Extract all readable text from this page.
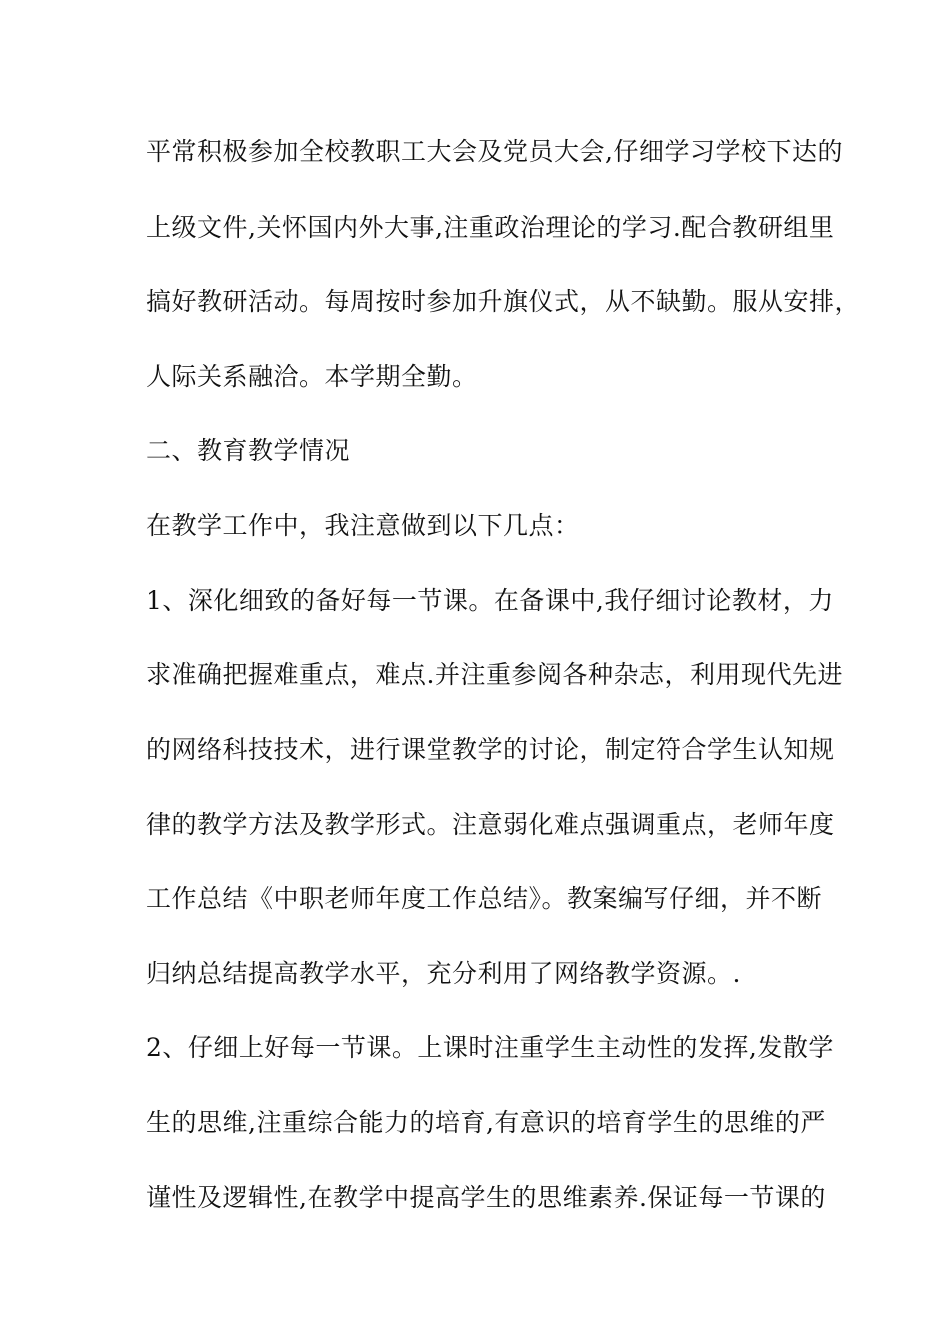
平常积极参加全校教职工大会及党员大会,仔细学习学校下达的
上级文件,关怀国内外大事,注重政治理论的学习.配合教研组里
搞好教研活动。每周按时参加升旗仪式，从不缺勤。服从安排，
人际关系融洽。本学期全勤。
二、教育教学情况
在教学工作中，我注意做到以下几点：
1、深化细致的备好每一节课。在备课中,我仔细讨论教材，力
求准确把握难重点，难点.并注重参阅各种杂志，利用现代先进
的网络科技技术，进行课堂教学的讨论，制定符合学生认知规
律的教学方法及教学形式。注意弱化难点强调重点，老师年度
工作总结《中职老师年度工作总结》。教案编写仔细，并不断
归纳总结提高教学水平，充分利用了网络教学资源。.
2、仔细上好每一节课。上课时注重学生主动性的发挥,发散学
生的思维,注重综合能力的培育,有意识的培育学生的思维的严
谨性及逻辑性,在教学中提高学生的思维素养.保证每一节课的
